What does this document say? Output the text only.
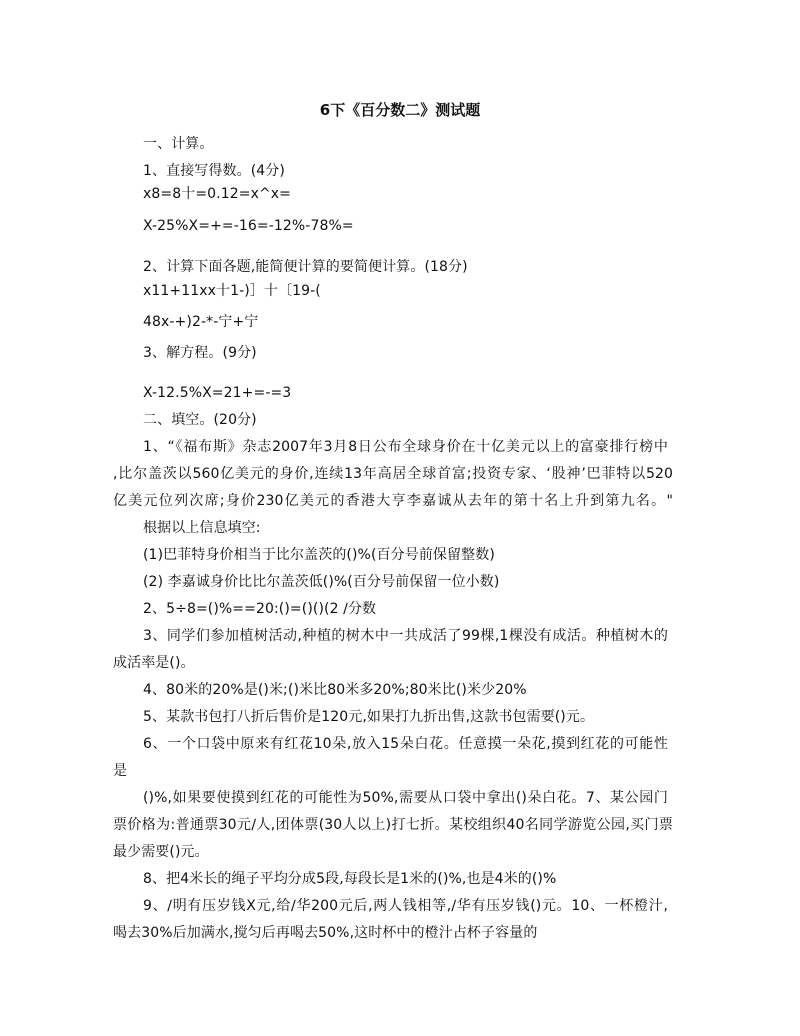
6下《百分数二》测试题
一、计算。
1、直接写得数。(4分)
x8=8十=0.12=x^x=
X-25%X=+=-16=-12%-78%=
2、计算下面各题,能简便计算的要简便计算。(18分)
x11+11xx十1-)］十〔19-(
48x-+)2-*-宁+宁
3、解方程。(9分)
X-12.5%X=21+=-=3
二、填空。(20分)
1、“《福布斯》杂志2007年3月8日公布全球身价在十亿美元以上的富豪排行榜中
,比尔盖茨以560亿美元的身价,连续13年高居全球首富;投资专家、‘股神’巴菲特以520
亿美元位列次席;身价230亿美元的香港大亨李嘉诚从去年的第十名上升到第九名。"
根据以上信息填空:
(1)巴菲特身价相当于比尔盖茨的()%(百分号前保留整数)
(2) 李嘉诚身价比比尔盖茨低()%(百分号前保留一位小数)
2、5÷8=()%==20:()=()()(2 ∕分数
3、同学们参加植树活动,种植的树木中一共成活了99棵,1棵没有成活。种植树木的
成活率是()。
4、80米的20%是()米;()米比80米多20%;80米比()米少20%
5、某款书包打八折后售价是120元,如果打九折出售,这款书包需要()元。
6、一个口袋中原来有红花10朵,放入15朵白花。任意摸一朵花,摸到红花的可能性
是
()%,如果要使摸到红花的可能性为50%,需要从口袋中拿出()朵白花。7、某公园门
票价格为:普通票30元∕人,团体票(30人以上)打七折。某校组织40名同学游览公园,买门票
最少需要()元。
8、把4米长的绳子平均分成5段,每段长是1米的()%,也是4米的()%
9、∕明有压岁钱X元,给∕华200元后,两人钱相等,∕华有压岁钱()元。10、一杯橙汁,
喝去30%后加满水,搅匀后再喝去50%,这时杯中的橙汁占杯子容量的
